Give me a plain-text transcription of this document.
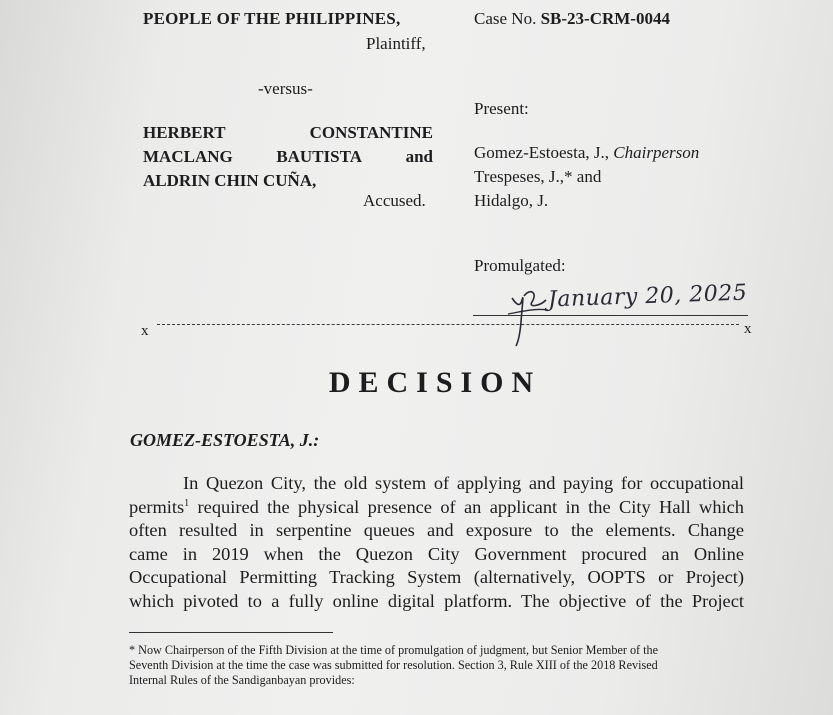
PEOPLE OF THE PHILIPPINES,
Plaintiff,
-versus-
HERBERT	CONSTANTINE
MACLANG	BAUTISTA	and
ALDRIN CHIN CUÑA,
Accused.
Case No. SB-23-CRM-0044
Present:
Gomez-Estoesta, J., Chairperson
Trespeses, J.,* and
Hidalgo, J.
Promulgated:
January 20, 2025
x	x
DECISION
GOMEZ-ESTOESTA, J.:
In Quezon City, the old system of applying and paying for occupational
permits$^1$ required the physical presence of an applicant in the City Hall which
often resulted in serpentine queues and exposure to the elements. Change
came in 2019 when the Quezon City Government procured an Online
Occupational Permitting Tracking System (alternatively, OOPTS or Project)
which pivoted to a fully online digital platform. The objective of the Project
* Now Chairperson of the Fifth Division at the time of promulgation of judgment, but Senior Member of the
Seventh Division at the time the case was submitted for resolution. Section 3, Rule XIII of the 2018 Revised
Internal Rules of the Sandiganbayan provides:
